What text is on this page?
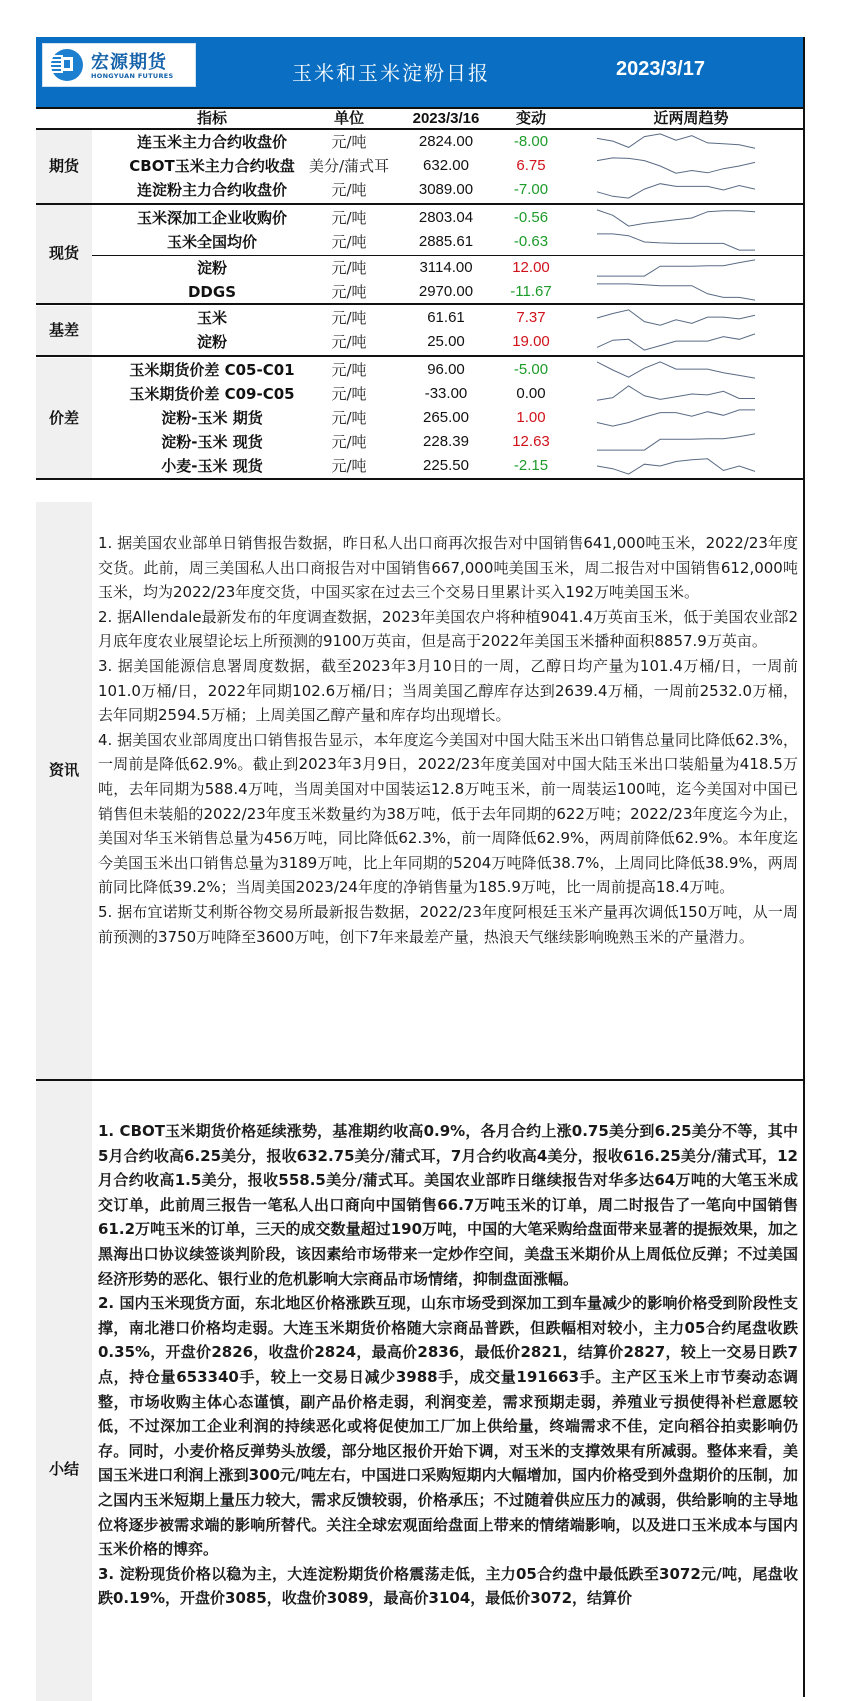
宏源期货
HONGYUAN FUTURES	玉米和玉米淀粉日报	2023/3/17
指标	单位	2023/3/16	变动	近两周趋势
期货
连玉米主力合约收盘价	元/吨	2824.00	-8.00
CBOT玉米主力合约收盘 美分/蒲式耳	632.00	6.75
连淀粉主力合约收盘价	元/吨	3089.00	-7.00
现货
玉米深加工企业收购价	元/吨	2803.04	-0.56
玉米全国均价	元/吨	2885.61	-0.63
淀粉	元/吨	3114.00	12.00
DDGS	元/吨	2970.00	-11.67
基差
玉米	元/吨	61.61	7.37
淀粉	元/吨	25.00	19.00
价差
玉米期货价差 C05-C01	元/吨	96.00	-5.00
玉米期货价差 C09-C05	元/吨	-33.00	0.00
淀粉-玉米 期货	元/吨	265.00	1.00
淀粉-玉米 现货	元/吨	228.39	12.63
小麦-玉米 现货	元/吨	225.50	-2.15
资讯

1. 据美国农业部单日销售报告数据，昨日私人出口商再次报告对中国销售641,000吨玉米，2022/23年度交货。此前，周三美国私人出口商报告对中国销售667,000吨美国玉米，周二报告对中国销售612,000吨玉米，均为2022/23年度交货，中国买家在过去三个交易日里累计买入192万吨美国玉米。

2. 据Allendale最新发布的年度调查数据，2023年美国农户将种植9041.4万英亩玉米，低于美国农业部2月底年度农业展望论坛上所预测的9100万英亩，但是高于2022年美国玉米播种面积8857.9万英亩。

3. 据美国能源信息署周度数据，截至2023年3月10日的一周，乙醇日均产量为101.4万桶/日，一周前101.0万桶/日，2022年同期102.6万桶/日；当周美国乙醇库存达到2639.4万桶，一周前2532.0万桶，去年同期2594.5万桶；上周美国乙醇产量和库存均出现增长。

4. 据美国农业部周度出口销售报告显示，本年度迄今美国对中国大陆玉米出口销售总量同比降低62.3%，一周前是降低62.9%。截止到2023年3月9日，2022/23年度美国对中国大陆玉米出口装船量为418.5万吨，去年同期为588.4万吨，当周美国对中国装运12.8万吨玉米，前一周装运100吨，迄今美国对中国已销售但未装船的2022/23年度玉米数量约为38万吨，低于去年同期的622万吨；2022/23年度迄今为止，美国对华玉米销售总量为456万吨，同比降低62.3%，前一周降低62.9%，两周前降低62.9%。本年度迄今美国玉米出口销售总量为3189万吨，比上年同期的5204万吨降低38.7%，上周同比降低38.9%，两周前同比降低39.2%；当周美国2023/24年度的净销售量为185.9万吨，比一周前提高18.4万吨。

5. 据布宜诺斯艾利斯谷物交易所最新报告数据，2022/23年度阿根廷玉米产量再次调低150万吨，从一周前预测的3750万吨降至3600万吨，创下7年来最差产量，热浪天气继续影响晚熟玉米的产量潜力。

小结

1. CBOT玉米期货价格延续涨势，基准期约收高0.9%，各月合约上涨0.75美分到6.25美分不等，其中5月合约收高6.25美分，报收632.75美分/蒲式耳，7月合约收高4美分，报收616.25美分/蒲式耳，12月合约收高1.5美分，报收558.5美分/蒲式耳。美国农业部昨日继续报告对华多达64万吨的大笔玉米成交订单，此前周三报告一笔私人出口商向中国销售66.7万吨玉米的订单，周二时报告了一笔向中国销售61.2万吨玉米的订单，三天的成交数量超过190万吨，中国的大笔采购给盘面带来显著的提振效果，加之黑海出口协议续签谈判阶段，该因素给市场带来一定炒作空间，美盘玉米期价从上周低位反弹；不过美国经济形势的恶化、银行业的危机影响大宗商品市场情绪，抑制盘面涨幅。

2. 国内玉米现货方面，东北地区价格涨跌互现，山东市场受到深加工到车量减少的影响价格受到阶段性支撑，南北港口价格均走弱。大连玉米期货价格随大宗商品普跌，但跌幅相对较小，主力05合约尾盘收跌0.35%，开盘价2826，收盘价2824，最高价2836，最低价2821，结算价2827，较上一交易日跌7点，持仓量653340手，较上一交易日减少3988手，成交量191663手。主产区玉米上市节奏动态调整，市场收购主体心态谨慎，副产品价格走弱，利润变差，需求预期走弱，养殖业亏损使得补栏意愿较低，不过深加工企业利润的持续恶化或将促使加工厂加上供给量，终端需求不佳，定向稻谷拍卖影响仍存。同时，小麦价格反弹势头放缓，部分地区报价开始下调，对玉米的支撑效果有所减弱。整体来看，美国玉米进口利润上涨到300元/吨左右，中国进口采购短期内大幅增加，国内价格受到外盘期价的压制，加之国内玉米短期上量压力较大，需求反馈较弱，价格承压；不过随着供应压力的减弱，供给影响的主导地位将逐步被需求端的影响所替代。关注全球宏观面给盘面上带来的情绪端影响，以及进口玉米成本与国内玉米价格的博弈。

3. 淀粉现货价格以稳为主，大连淀粉期货价格震荡走低，主力05合约盘中最低跌至3072元/吨，尾盘收跌0.19%，开盘价3085，收盘价3089，最高价3104，最低价3072，结算价
